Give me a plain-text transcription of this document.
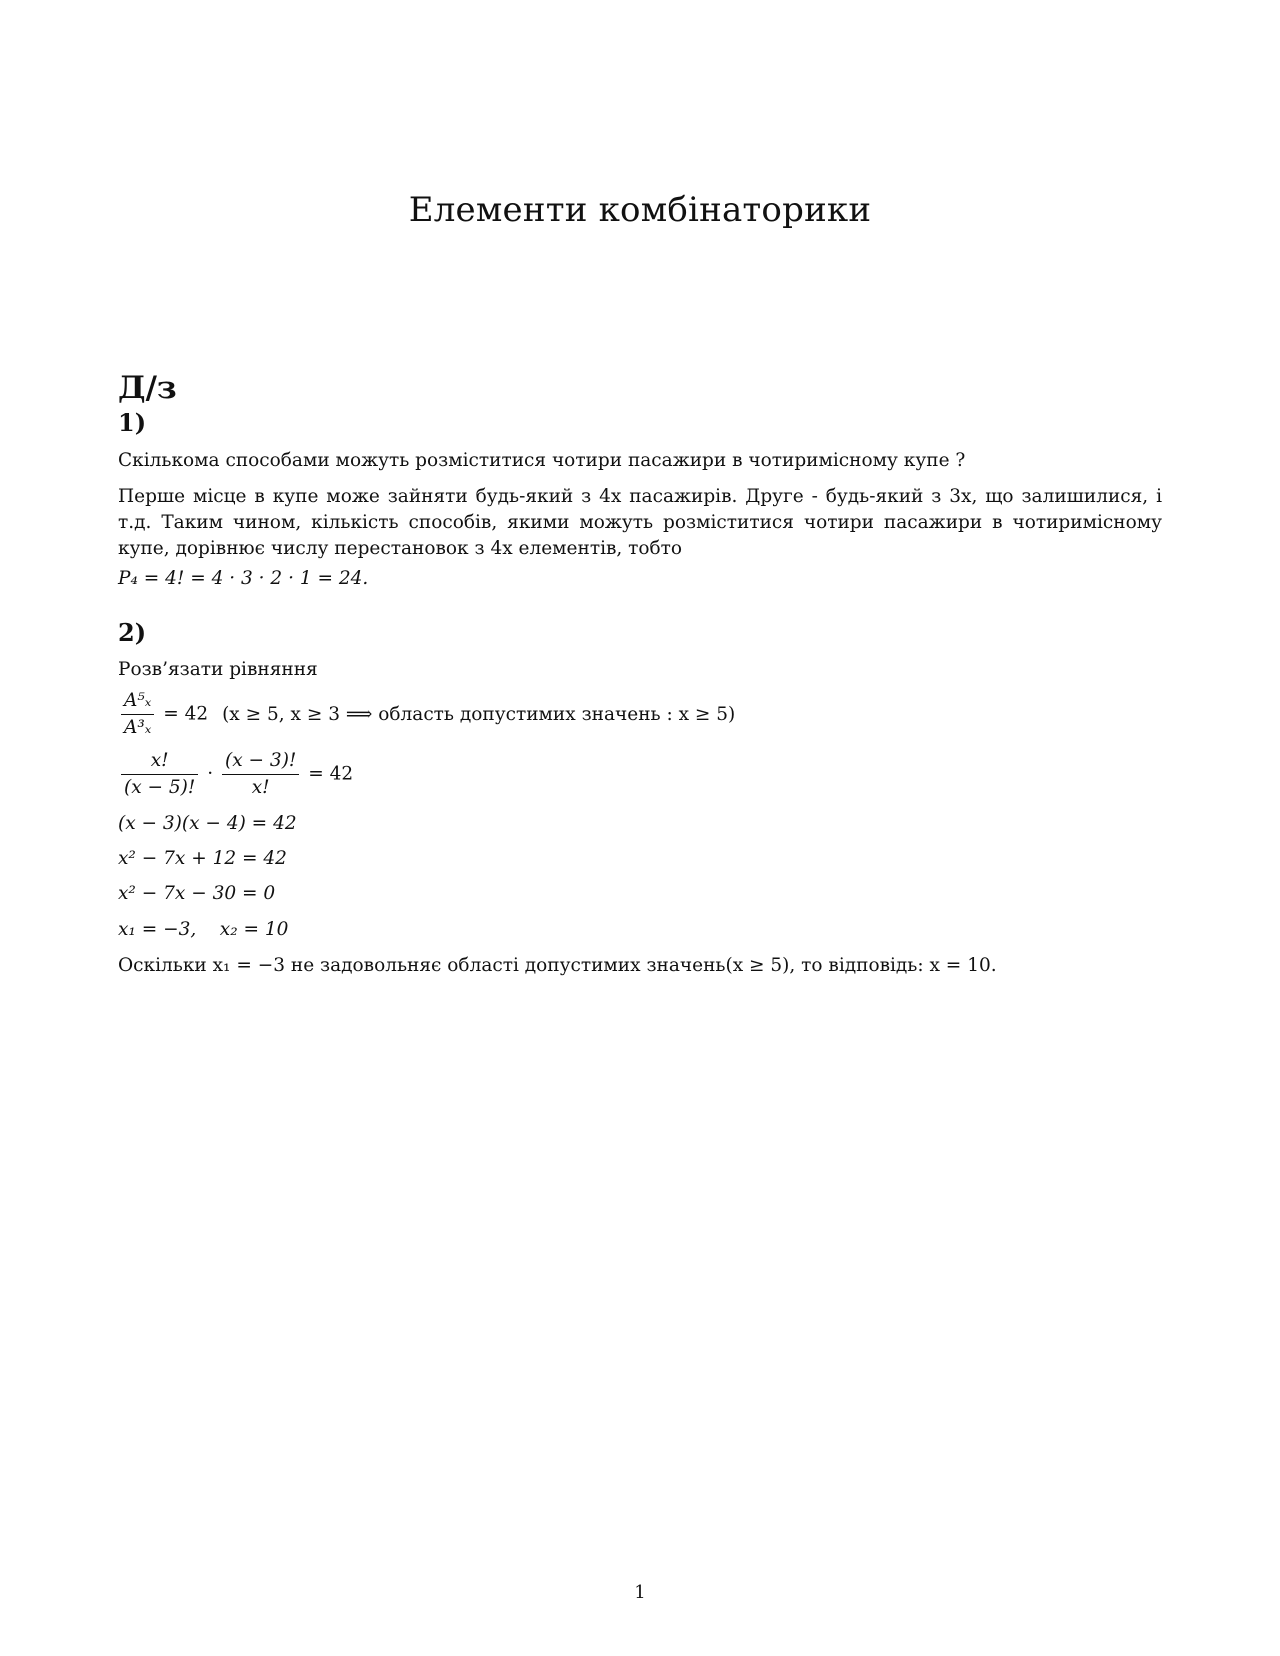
Елементи комбінаторики
Д/з
1)
Скількома способами можуть розміститися чотири пасажири в чотиримісному купе ?
Перше місце в купе може зайняти будь-який з 4х пасажирів. Друге - будь-який з 3х, що залишилися, і т.д. Таким чином, кількість способів, якими можуть розміститися чотири пасажири в чотиримісному купе, дорівнює числу перестановок з 4х елементів, тобто
P₄ = 4! = 4 · 3 · 2 · 1 = 24.
2)
Розв’язати рівняння
$\frac{\text{A⁵ₓ}}{\text{A³ₓ}} = 42$ (x ≥ 5, x ≥ 3 ⟹ область допустимих значень : x ≥ 5)
$\frac{x!}{(x - 5)!} \cdot \frac{(x - 3)!}{x!} = 42$
(x − 3)(x − 4) = 42
x² − 7x + 12 = 42
x² − 7x − 30 = 0
x₁ = −3,    x₂ = 10
Оскільки x₁ = −3 не задовольняє області допустимих значень(x ≥ 5), то відповідь: x = 10.
1
